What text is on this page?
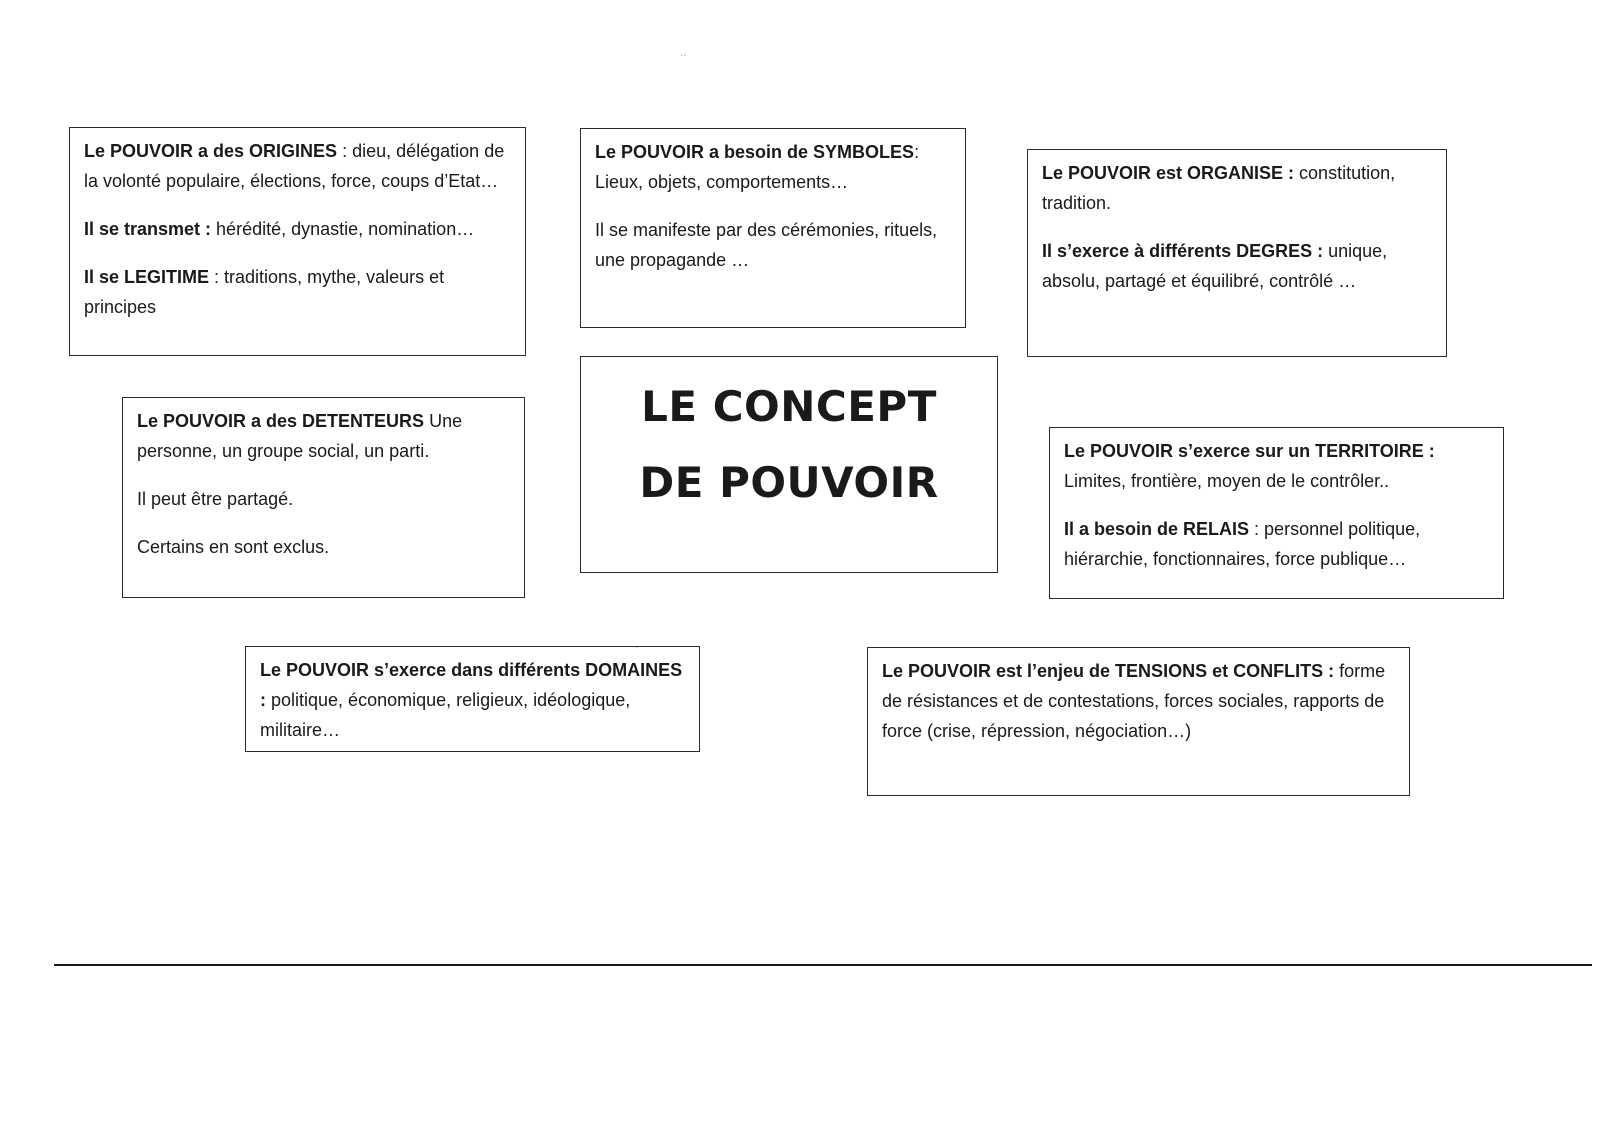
Le POUVOIR a des ORIGINES : dieu, délégation de la volonté populaire, élections, force, coups d’Etat…

Il se transmet : hérédité, dynastie, nomination…

Il se LEGITIME : traditions, mythe, valeurs et principes

Le POUVOIR a besoin de SYMBOLES: Lieux, objets, comportements…

Il se manifeste par des cérémonies, rituels, une propagande …

Le POUVOIR est ORGANISE : constitution, tradition.

Il s’exerce à différents DEGRES : unique, absolu, partagé et équilibré, contrôlé …

LE CONCEPT DE POUVOIR

Le POUVOIR a des DETENTEURS Une personne, un groupe social, un parti.

Il peut être partagé.

Certains en sont exclus.

Le POUVOIR s’exerce sur un TERRITOIRE : Limites, frontière, moyen de le contrôler..

Il a besoin de RELAIS : personnel politique, hiérarchie, fonctionnaires, force publique…

Le POUVOIR s’exerce dans différents DOMAINES : politique, économique, religieux, idéologique, militaire…

Le POUVOIR est l’enjeu de TENSIONS et CONFLITS : forme de résistances et de contestations, forces sociales, rapports de force (crise, répression, négociation…)

··
·
